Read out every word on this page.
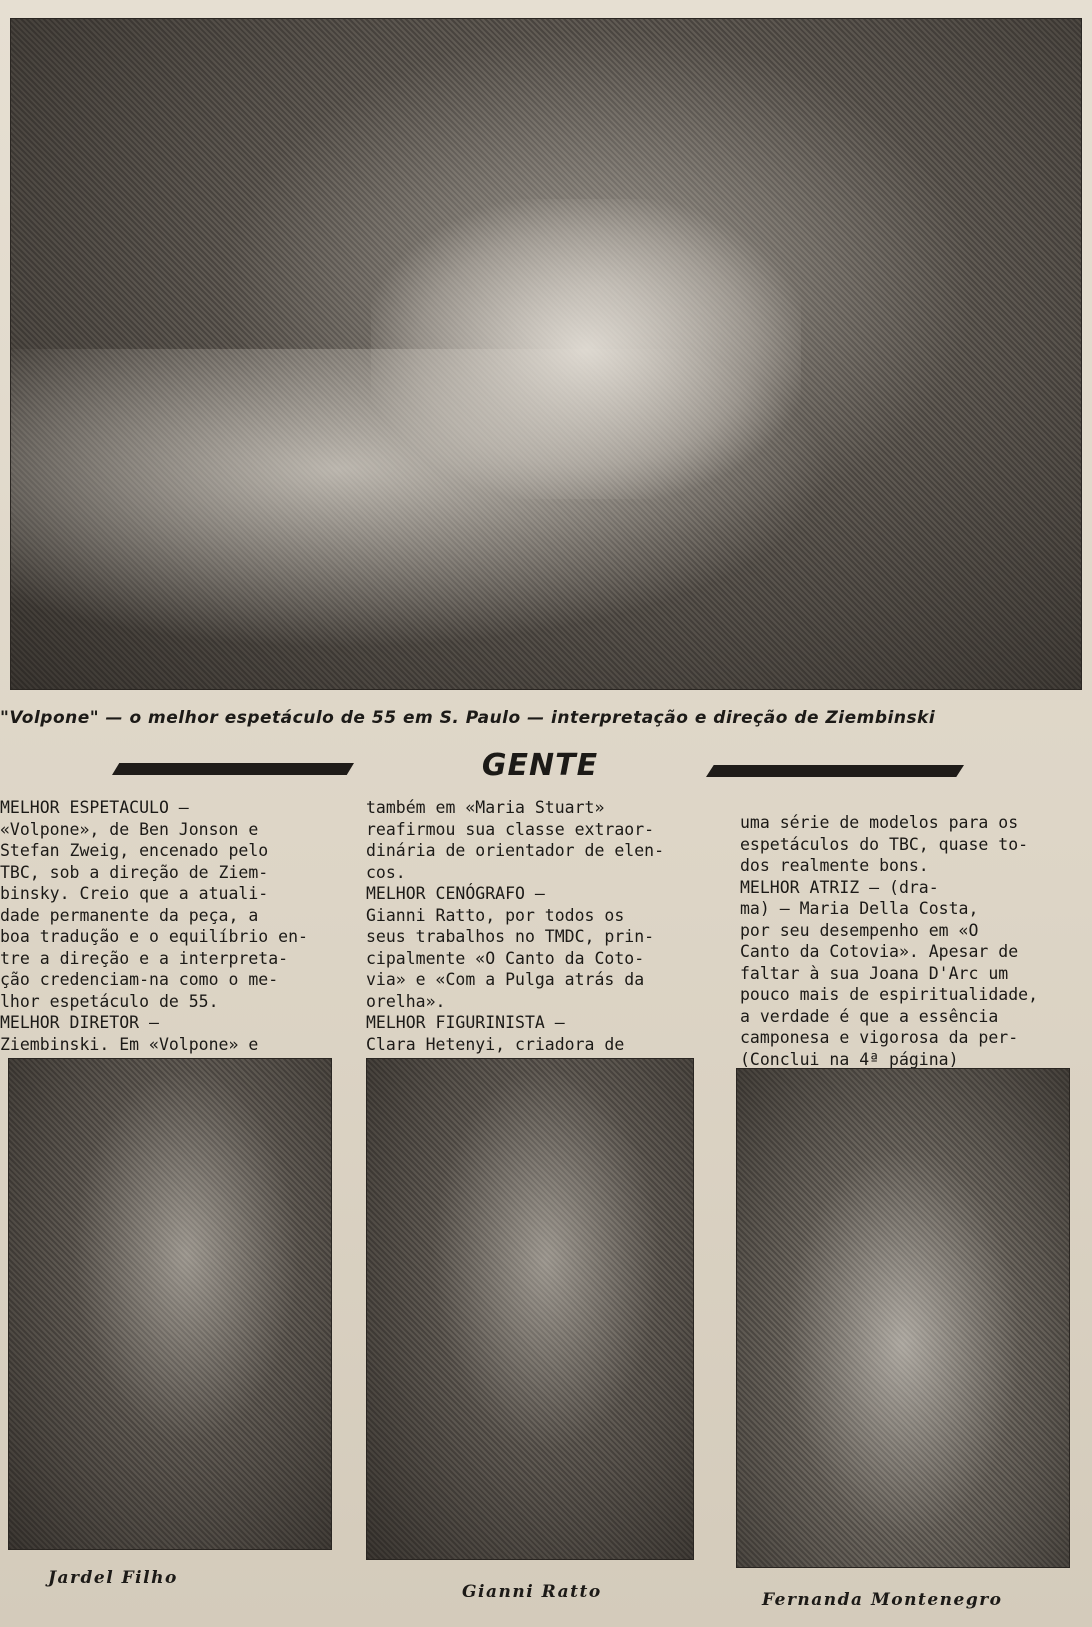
"Volpone" — o melhor espetáculo de 55 em S. Paulo — interpretação e direção de Ziembinski
GENTE

MELHOR ESPETACULO —

«Volpone», de Ben Jonson e

Stefan Zweig, encenado pelo

TBC, sob a direção de Ziem-

binsky. Creio que a atuali-

dade permanente da peça, a

boa tradução e o equilíbrio en-

tre a direção e a interpreta-

ção credenciam-na como o me-

lhor espetáculo de 55.

MELHOR DIRETOR —

Ziembinski. Em «Volpone» e

também em «Maria Stuart»

reafirmou sua classe extraor-

dinária de orientador de elen-

cos.

MELHOR CENÓGRAFO —

Gianni Ratto, por todos os

seus trabalhos no TMDC, prin-

cipalmente «O Canto da Coto-

via» e «Com a Pulga atrás da

orelha».

MELHOR FIGURINISTA —

Clara Hetenyi, criadora de

uma série de modelos para os

espetáculos do TBC, quase to-

dos realmente bons.

MELHOR ATRIZ — (dra-

ma) — Maria Della Costa,

por seu desempenho em «O

Canto da Cotovia». Apesar de

faltar à sua Joana D'Arc um

pouco mais de espiritualidade,

a verdade é que a essência

camponesa e vigorosa da per-

(Conclui na 4ª página)

Jardel Filho
Gianni Ratto	Fernanda Montenegro
